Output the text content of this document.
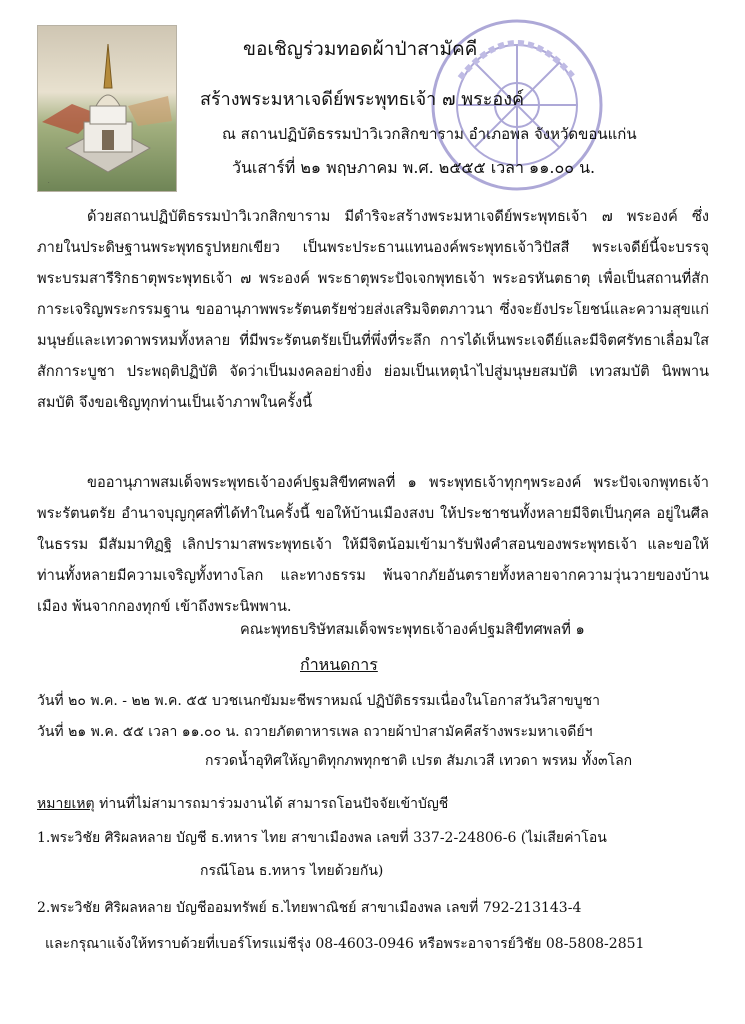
·
ขอเชิญร่วมทอดผ้าป่าสามัคคี
สร้างพระมหาเจดีย์พระพุทธเจ้า ๗ พระองค์
ณ สถานปฏิบัติธรรมป่าวิเวกสิกขาราม อำเภอพล จังหวัดขอนแก่น
วันเสาร์ที่ ๒๑ พฤษภาคม พ.ศ. ๒๕๕๕ เวลา ๑๑.๐๐ น.

ด้วยสถานปฏิบัติธรรมป่าวิเวกสิกขาราม มีดำริจะสร้างพระมหาเจดีย์พระพุทธเจ้า ๗ พระองค์ ซึ่งภายในประดิษฐานพระพุทธรูปหยกเขียว เป็นพระประธานแทนองค์พระพุทธเจ้าวิปัสสี พระเจดีย์นี้จะบรรจุพระบรมสารีริกธาตุพระพุทธเจ้า ๗ พระองค์ พระธาตุพระปัจเจกพุทธเจ้า พระอรหันตธาตุ เพื่อเป็นสถานที่สักการะเจริญพระกรรมฐาน ขออานุภาพพระรัตนตรัยช่วยส่งเสริมจิตตภาวนา ซึ่งจะยังประโยชน์และความสุขแก่มนุษย์และเทวดาพรหมทั้งหลาย ที่มีพระรัตนตรัยเป็นที่พึ่งที่ระลึก การได้เห็นพระเจดีย์และมีจิตศรัทธาเลื่อมใสสักการะบูชา ประพฤติปฏิบัติ จัดว่าเป็นมงคลอย่างยิ่ง ย่อมเป็นเหตุนำไปสู่มนุษยสมบัติ เทวสมบัติ นิพพานสมบัติ จึงขอเชิญทุกท่านเป็นเจ้าภาพในครั้งนี้

ขออานุภาพสมเด็จพระพุทธเจ้าองค์ปฐมสิขีทศพลที่ ๑ พระพุทธเจ้าทุกๆพระองค์ พระปัจเจกพุทธเจ้า พระรัตนตรัย อำนาจบุญกุศลที่ได้ทำในครั้งนี้ ขอให้บ้านเมืองสงบ ให้ประชาชนทั้งหลายมีจิตเป็นกุศล อยู่ในศีลในธรรม มีสัมมาทิฏฐิ เลิกปรามาสพระพุทธเจ้า ให้มีจิตน้อมเข้ามารับฟังคำสอนของพระพุทธเจ้า และขอให้ท่านทั้งหลายมีความเจริญทั้งทางโลก และทางธรรม พ้นจากภัยอันตรายทั้งหลายจากความวุ่นวายของบ้านเมือง พ้นจากกองทุกข์ เข้าถึงพระนิพพาน.

คณะพุทธบริษัทสมเด็จพระพุทธเจ้าองค์ปฐมสิขีทศพลที่ ๑
กำหนดการ
วันที่ ๒๐ พ.ค. - ๒๒ พ.ค. ๕๕ บวชเนกขัมมะชีพราหมณ์ ปฏิบัติธรรมเนื่องในโอกาสวันวิสาขบูชา
วันที่ ๒๑ พ.ค. ๕๕ เวลา ๑๑.๐๐ น. ถวายภัตตาหารเพล ถวายผ้าป่าสามัคคีสร้างพระมหาเจดีย์ฯ
กรวดน้ำอุทิศให้ญาติทุกภพทุกชาติ เปรต สัมภเวสี เทวดา พรหม ทั้ง๓โลก
หมายเหตุ ท่านที่ไม่สามารถมาร่วมงานได้ สามารถโอนปัจจัยเข้าบัญชี
1.พระวิชัย ศิริผลหลาย บัญชี ธ.ทหาร ไทย สาขาเมืองพล เลขที่ 337-2-24806-6 (ไม่เสียค่าโอน
กรณีโอน ธ.ทหาร ไทยด้วยกัน)
2.พระวิชัย ศิริผลหลาย บัญชีออมทรัพย์ ธ.ไทยพาณิชย์ สาขาเมืองพล เลขที่ 792-213143-4
และกรุณาแจ้งให้ทราบด้วยที่เบอร์โทรแม่ชีรุ่ง 08-4603-0946 หรือพระอาจารย์วิชัย 08-5808-2851
